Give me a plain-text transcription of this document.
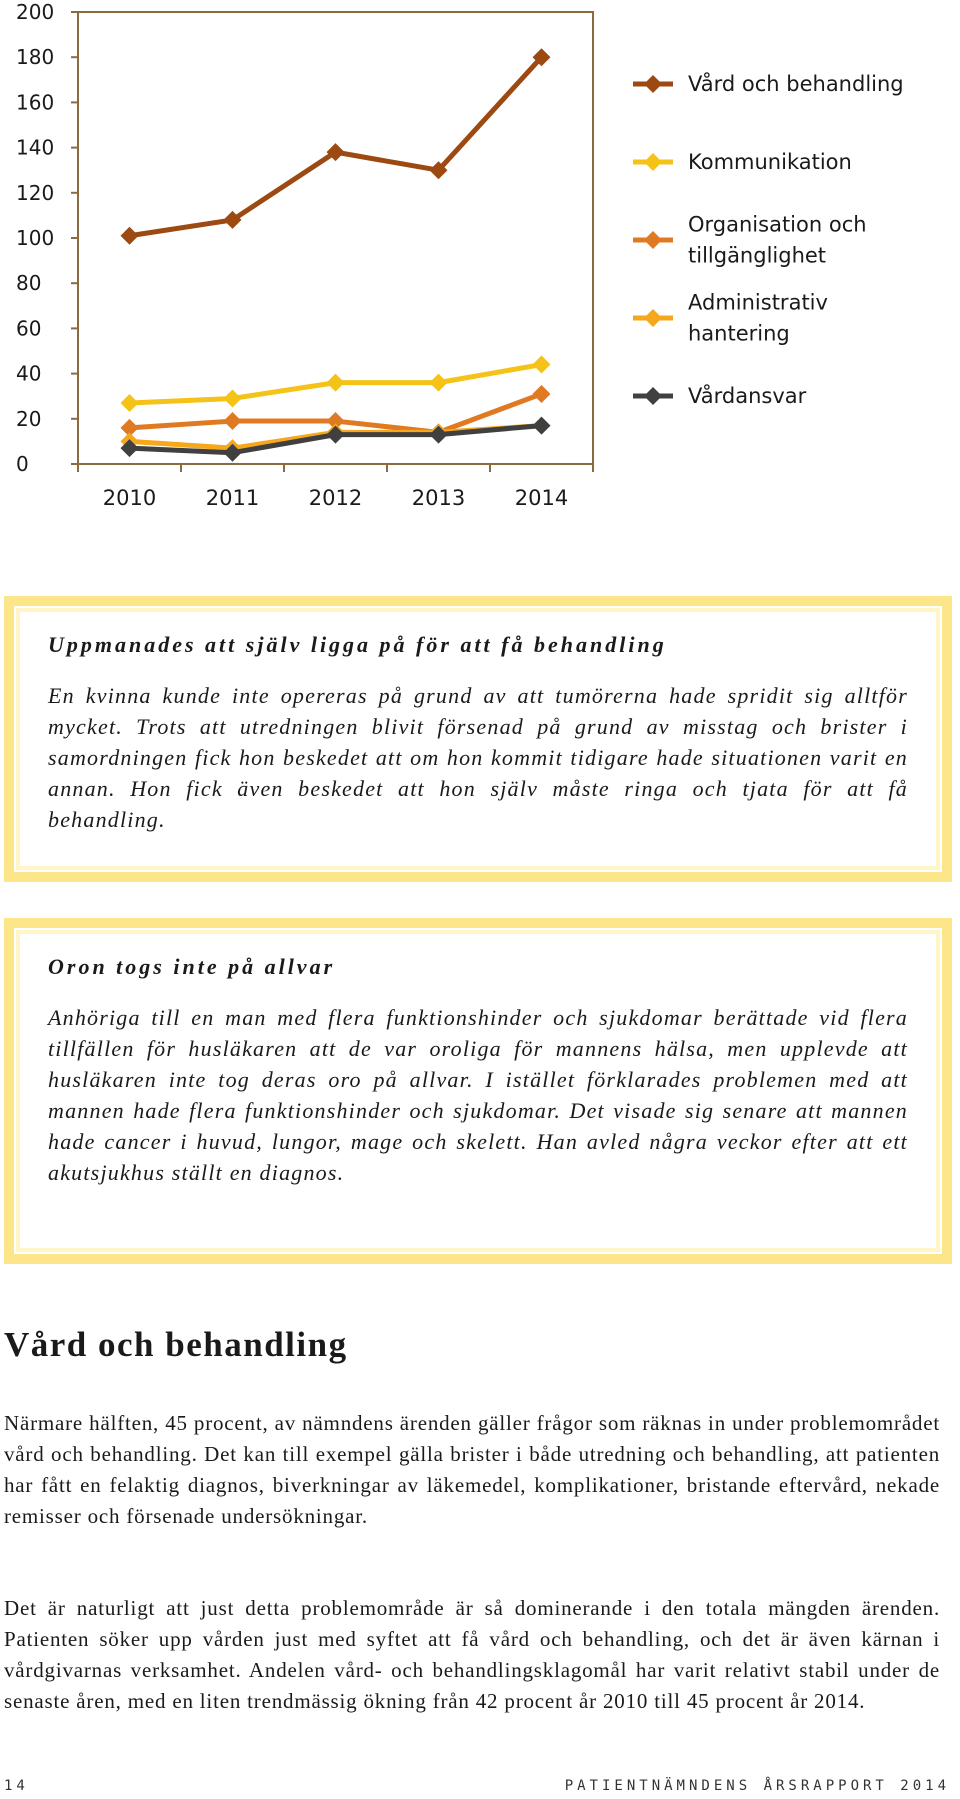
0
20
40
60
80
100
120
140
160
180
200
2010 2011 2012 2013 2014
Vård och behandling
Kommunikation
Organisation och tillgänglighet
Administrativ hantering
Vårdansvar

Uppmanades att själv ligga på för att få behandling

En kvinna kunde inte opereras på grund av att tumörerna hade spridit sig alltför mycket. Trots att utredningen blivit försenad på grund av misstag och brister i samordningen fick hon beskedet att om hon kommit tidigare hade situationen varit en annan. Hon fick även beskedet att hon själv måste ringa och tjata för att få behandling.

Oron togs inte på allvar

Anhöriga till en man med flera funktionshinder och sjukdomar berättade vid flera tillfällen för husläkaren att de var oroliga för mannens hälsa, men upplevde att husläkaren inte tog deras oro på allvar. I istället förklarades problemen med att mannen hade flera funktionshinder och sjukdomar. Det visade sig senare att mannen hade cancer i huvud, lungor, mage och skelett. Han avled några veckor efter att ett akutsjukhus ställt en diagnos.

Vård och behandling

Närmare hälften, 45 procent, av nämndens ärenden gäller frågor som räknas in under problemområdet vård och behandling. Det kan till exempel gälla brister i både utredning och behandling, att patienten har fått en felaktig diagnos, biverkningar av läkemedel, komplikationer, bristande eftervård, nekade remisser och försenade undersökningar.

Det är naturligt att just detta problemområde är så dominerande i den totala mängden ärenden. Patienten söker upp vården just med syftet att få vård och behandling, och det är även kärnan i vårdgivarnas verksamhet. Andelen vård- och behandlingsklagomål har varit relativt stabil under de senaste åren, med en liten trendmässig ökning från 42 procent år 2010 till 45 procent år 2014.

14	PATIENTNÄMNDENS ÅRSRAPPORT 2014
